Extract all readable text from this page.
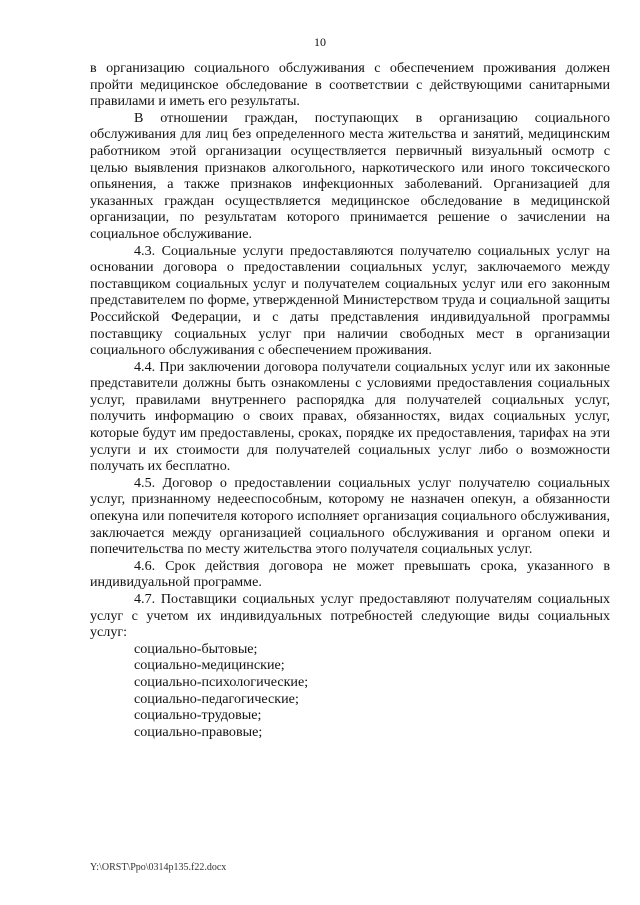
10

в организацию социального обслуживания с обеспечением проживания должен пройти медицинское обследование в соответствии с действующими санитарными правилами и иметь его результаты.

В отношении граждан, поступающих в организацию социального обслуживания для лиц без определенного места жительства и занятий, медицинским работником этой организации осуществляется первичный визуальный осмотр с целью выявления признаков алкогольного, наркотического или иного токсического опьянения, а также признаков инфекционных заболеваний. Организацией для указанных граждан осуществляется медицинское обследование в медицинской организации, по результатам которого принимается решение о зачислении на социальное обслуживание.

4.3. Социальные услуги предоставляются получателю социальных услуг на основании договора о предоставлении социальных услуг, заключаемого между поставщиком социальных услуг и получателем социальных услуг или его законным представителем по форме, утвержденной Министерством труда и социальной защиты Российской Федерации, и с даты представления индивидуальной программы поставщику социальных услуг при наличии свободных мест в организации социального обслуживания с обеспечением проживания.

4.4. При заключении договора получатели социальных услуг или их законные представители должны быть ознакомлены с условиями предоставления социальных услуг, правилами внутреннего распорядка для получателей социальных услуг, получить информацию о своих правах, обязанностях, видах социальных услуг, которые будут им предоставлены, сроках, порядке их предоставления, тарифах на эти услуги и их стоимости для получателей социальных услуг либо о возможности получать их бесплатно.

4.5. Договор о предоставлении социальных услуг получателю социальных услуг, признанному недееспособным, которому не назначен опекун, а обязанности опекуна или попечителя которого исполняет организация социального обслуживания, заключается между организацией социального обслуживания и органом опеки и попечительства по месту жительства этого получателя социальных услуг.

4.6. Срок действия договора не может превышать срока, указанного в индивидуальной программе.

4.7. Поставщики социальных услуг предоставляют получателям социальных услуг с учетом их индивидуальных потребностей следующие виды социальных услуг:

социально-бытовые;
социально-медицинские;
социально-психологические;
социально-педагогические;
социально-трудовые;
социально-правовые;
Y:\ORST\Ppo\0314p135.f22.docx
